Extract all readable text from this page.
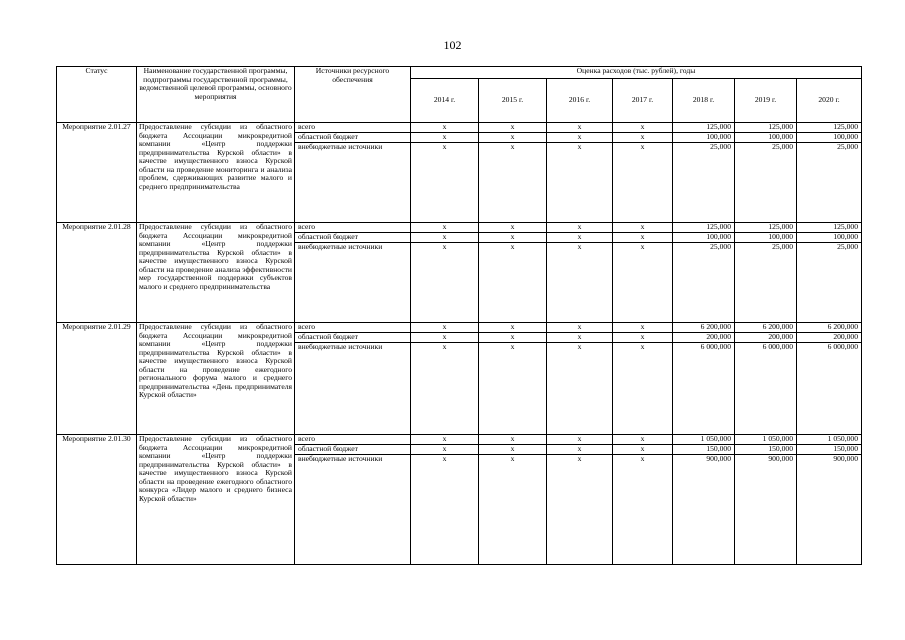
102
Статус	Наименование государственной программы, подпрограммы государственной программы, ведомственной целевой программы, основного мероприятия	Источники ресурсного обеспечения	Оценка расходов (тыс. рублей), годы						
			2014 г.	2015 г.	2016 г.	2017 г.	2018 г.	2019 г.	2020 г.
Мероприятие 2.01.27	Предоставление субсидии из областного бюджета Ассоциации микрокредитной компании «Центр поддержки предпринимательства Курской области» в качестве имущественного взноса Курской области на проведение мониторинга и анализа проблем, сдерживающих развитие малого и среднего предпринимательства	всего	x	x	x	x	125,000	125,000	125,000
		областной бюджет	x	x	x	x	100,000	100,000	100,000
		внебюджетные источники	x	x	x	x	25,000	25,000	25,000
Мероприятие 2.01.28	Предоставление субсидии из областного бюджета Ассоциации микрокредитной компании «Центр поддержки предпринимательства Курской области» в качестве имущественного взноса Курской области на проведение анализа эффективности мер государственной поддержки субъектов малого и среднего предпринимательства	всего	x	x	x	x	125,000	125,000	125,000
		областной бюджет	x	x	x	x	100,000	100,000	100,000
		внебюджетные источники	x	x	x	x	25,000	25,000	25,000
Мероприятие 2.01.29	Предоставление субсидии из областного бюджета Ассоциации микрокредитной компании «Центр поддержки предпринимательства Курской области» в качестве имущественного взноса Курской области на проведение ежегодного регионального форума малого и среднего предпринимательства «День предпринимателя Курской области»	всего	x	x	x	x	6 200,000	6 200,000	6 200,000
		областной бюджет	x	x	x	x	200,000	200,000	200,000
		внебюджетные источники	x	x	x	x	6 000,000	6 000,000	6 000,000
Мероприятие 2.01.30	Предоставление субсидии из областного бюджета Ассоциации микрокредитной компании «Центр поддержки предпринимательства Курской области» в качестве имущественного взноса Курской области на проведение ежегодного областного конкурса «Лидер малого и среднего бизнеса Курской области»	всего	x	x	x	x	1 050,000	1 050,000	1 050,000
		областной бюджет	x	x	x	x	150,000	150,000	150,000
		внебюджетные источники	x	x	x	x	900,000	900,000	900,000
